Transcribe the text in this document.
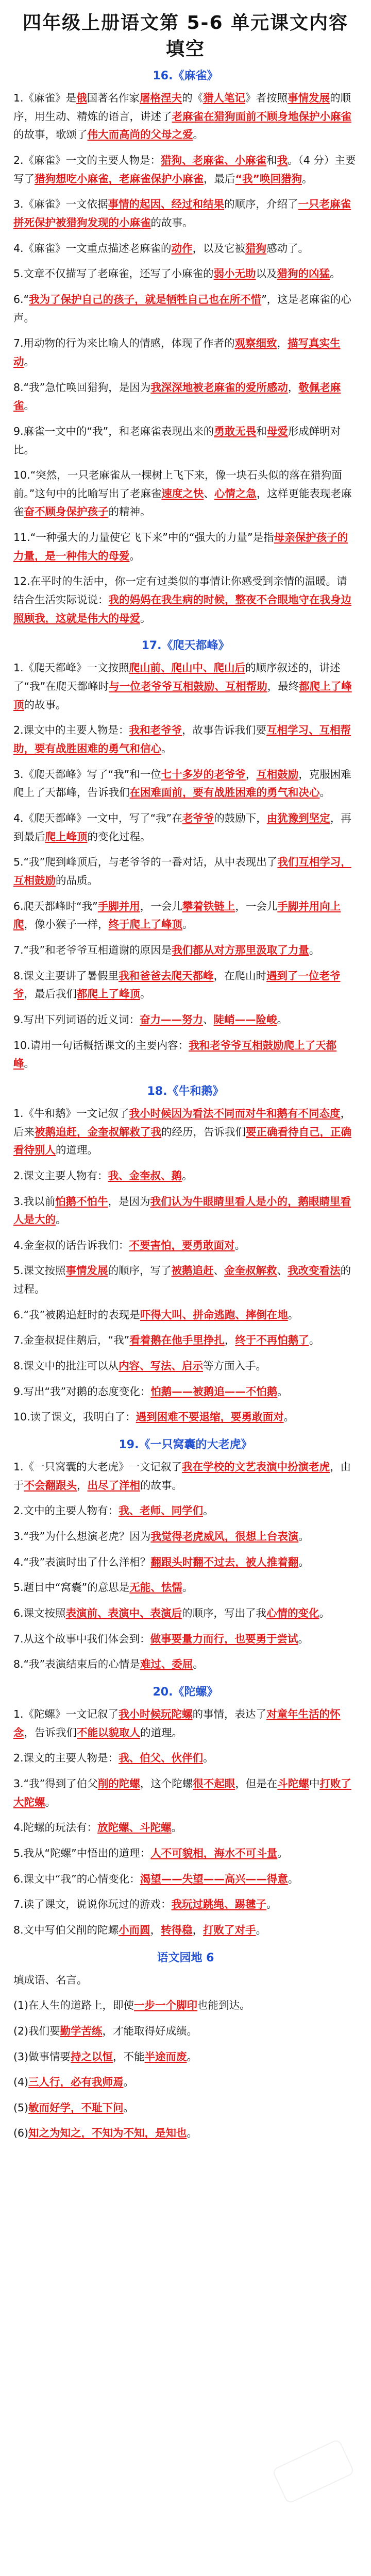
四年级上册语文第 5-6 单元课文内容填空
16.《麻雀》

1.《麻雀》是俄国著名作家屠格涅夫的《猎人笔记》者按照事情发展的顺序，用生动、精炼的语言，讲述了老麻雀在猎狗面前不顾身地保护小麻雀的故事，歌颂了伟大而高尚的父母之爱。

2.《麻雀》一文的主要人物是：猎狗、老麻雀、小麻雀和我。（4 分）主要写了猎狗想吃小麻雀，老麻雀保护小麻雀，最后“我”唤回猎狗。

3.《麻雀》一文依据事情的起因、经过和结果的顺序，介绍了一只老麻雀拼死保护被猎狗发现的小麻雀的故事。

4.《麻雀》一文重点描述老麻雀的动作，以及它被猎狗感动了。

5.文章不仅描写了老麻雀，还写了小麻雀的弱小无助以及猎狗的凶猛。

6.“我为了保护自己的孩子，就是牺牲自己也在所不惜”，这是老麻雀的心声。

7.用动物的行为来比喻人的情感，体现了作者的观察细致，描写真实生动。

8.“我”急忙唤回猎狗，是因为我深深地被老麻雀的爱所感动，敬佩老麻雀。

9.麻雀一文中的“我”，和老麻雀表现出来的勇敢无畏和母爱形成鲜明对比。

10.“突然，一只老麻雀从一棵树上飞下来，像一块石头似的落在猎狗面前。”这句中的比喻写出了老麻雀速度之快、心情之急，这样更能表现老麻雀奋不顾身保护孩子的精神。

11.“一种强大的力量使它飞下来”中的“强大的力量”是指母亲保护孩子的力量，是一种伟大的母爱。

12.在平时的生活中，你一定有过类似的事情让你感受到亲情的温暖。请结合生活实际说说：我的妈妈在我生病的时候，整夜不合眼地守在我身边照顾我，这就是伟大的母爱。

17.《爬天都峰》

1.《爬天都峰》一文按照爬山前、爬山中、爬山后的顺序叙述的，讲述了“我”在爬天都峰时与一位老爷爷互相鼓励、互相帮助，最终都爬上了峰顶的故事。

2.课文中的主要人物是：我和老爷爷，故事告诉我们要互相学习、互相帮助，要有战胜困难的勇气和信心。

3.《爬天都峰》写了“我”和一位七十多岁的老爷爷，互相鼓励，克服困难爬上了天都峰，告诉我们在困难面前，要有战胜困难的勇气和决心。

4.《爬天都峰》一文中，写了“我”在老爷爷的鼓励下，由犹豫到坚定，再到最后爬上峰顶的变化过程。

5.“我”爬到峰顶后，与老爷爷的一番对话，从中表现出了我们互相学习，互相鼓励的品质。

6.爬天都峰时“我”手脚并用，一会儿攀着铁链上，一会儿手脚并用向上爬，像小猴子一样，终于爬上了峰顶。

7.“我”和老爷爷互相道谢的原因是我们都从对方那里汲取了力量。

8.课文主要讲了暑假里我和爸爸去爬天都峰，在爬山时遇到了一位老爷爷，最后我们都爬上了峰顶。

9.写出下列词语的近义词：奋力——努力、陡峭——险峻。

10.请用一句话概括课文的主要内容：我和老爷爷互相鼓励爬上了天都峰。

18.《牛和鹅》

1.《牛和鹅》一文记叙了我小时候因为看法不同而对牛和鹅有不同态度，后来被鹅追赶，金奎叔解救了我的经历，告诉我们要正确看待自己，正确看待别人的道理。

2.课文主要人物有：我、金奎叔、鹅。

3.我以前怕鹅不怕牛，是因为我们认为牛眼睛里看人是小的，鹅眼睛里看人是大的。

4.金奎叔的话告诉我们：不要害怕，要勇敢面对。

5.课文按照事情发展的顺序，写了被鹅追赶、金奎叔解救、我改变看法的过程。

6.“我”被鹅追赶时的表现是吓得大叫、拼命逃跑、摔倒在地。

7.金奎叔捉住鹅后，“我”看着鹅在他手里挣扎，终于不再怕鹅了。

8.课文中的批注可以从内容、写法、启示等方面入手。

9.写出“我”对鹅的态度变化：怕鹅——被鹅追——不怕鹅。

10.读了课文，我明白了：遇到困难不要退缩，要勇敢面对。

19.《一只窝囊的大老虎》

1.《一只窝囊的大老虎》一文记叙了我在学校的文艺表演中扮演老虎，由于不会翻跟头，出尽了洋相的故事。

2.文中的主要人物有：我、老师、同学们。

3.“我”为什么想演老虎？因为我觉得老虎威风，很想上台表演。

4.“我”表演时出了什么洋相？翻跟头时翻不过去，被人推着翻。

5.题目中“窝囊”的意思是无能、怯懦。

6.课文按照表演前、表演中、表演后的顺序，写出了我心情的变化。

7.从这个故事中我们体会到：做事要量力而行，也要勇于尝试。

8.“我”表演结束后的心情是难过、委屈。

20.《陀螺》

1.《陀螺》一文记叙了我小时候玩陀螺的事情，表达了对童年生活的怀念，告诉我们不能以貌取人的道理。

2.课文的主要人物是：我、伯父、伙伴们。

3.“我”得到了伯父削的陀螺，这个陀螺很不起眼，但是在斗陀螺中打败了大陀螺。

4.陀螺的玩法有：放陀螺、斗陀螺。

5.我从“陀螺”中悟出的道理：人不可貌相，海水不可斗量。

6.课文中“我”的心情变化：渴望——失望——高兴——得意。

7.读了课文，说说你玩过的游戏：我玩过跳绳、踢毽子。

8.文中写伯父削的陀螺小而圆，转得稳，打败了对手。

语文园地 6

填成语、名言。

(1)在人生的道路上，即使一步一个脚印也能到达。

(2)我们要勤学苦练，才能取得好成绩。

(3)做事情要持之以恒，不能半途而废。

(4)三人行，必有我师焉。

(5)敏而好学，不耻下问。

(6)知之为知之，不知为不知，是知也。
